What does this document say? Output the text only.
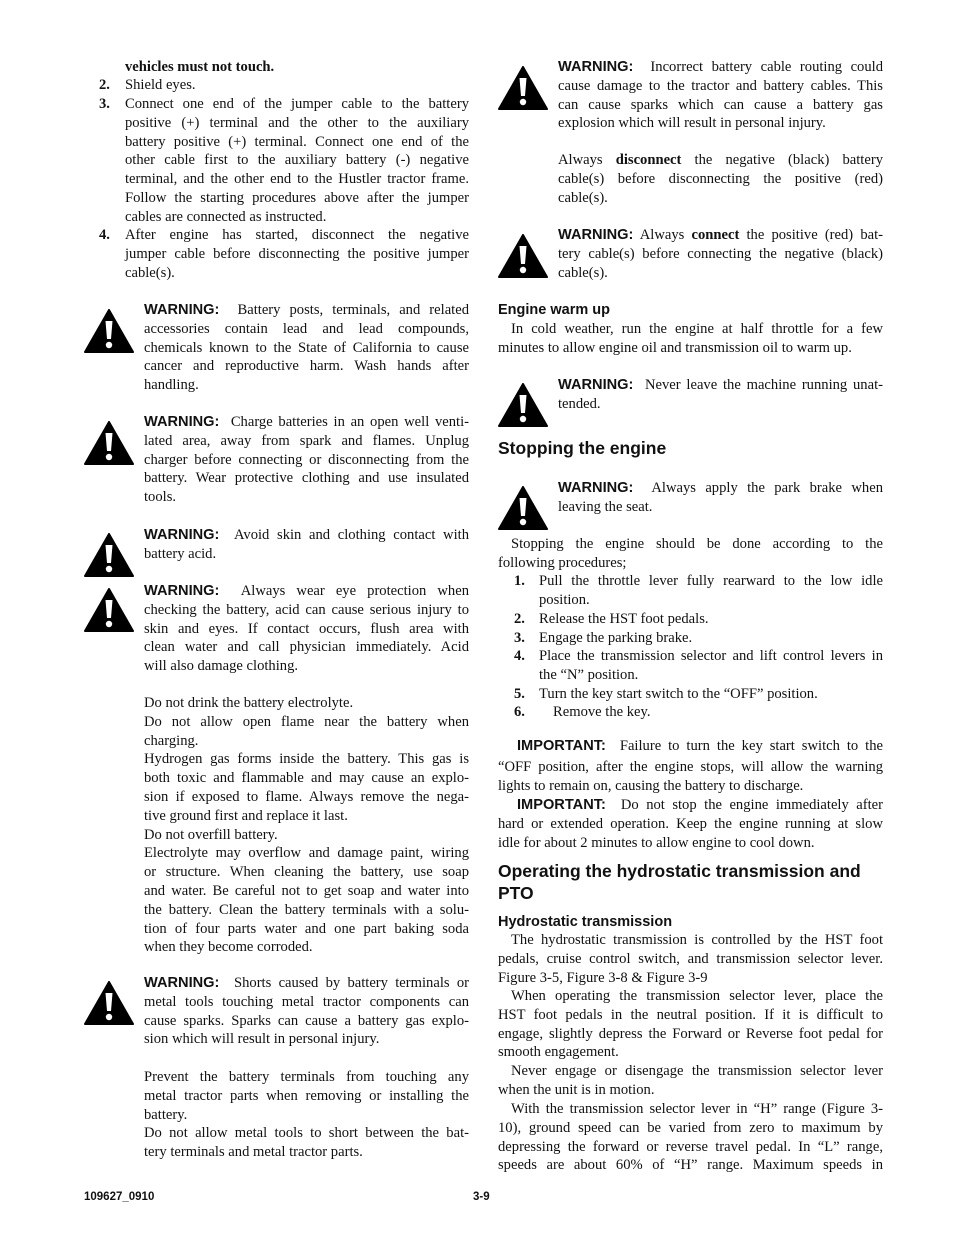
vehicles must not touch.
2. Shield eyes.
3. Connect one end of the jumper cable to the battery
positive (+) terminal and the other to the auxiliary
battery positive (+) terminal. Connect one end of the
other cable first to the auxiliary battery (-) negative
terminal, and the other end to the Hustler tractor frame.
Follow the starting procedures above after the jumper
cables are connected as instructed.
4. After engine has started, disconnect the negative
jumper cable before disconnecting the positive jumper
cable(s).
WARNING: Battery posts, terminals, and related
accessories contain lead and lead compounds,
chemicals known to the State of California to cause
cancer and reproductive harm. Wash hands after
handling.
WARNING: Charge batteries in an open well venti-
lated area, away from spark and flames. Unplug
charger before connecting or disconnecting from the
battery. Wear protective clothing and use insulated
tools.
WARNING: Avoid skin and clothing contact with
battery acid.
WARNING: Always wear eye protection when
checking the battery, acid can cause serious injury to
skin and eyes. If contact occurs, flush area with
clean water and call physician immediately. Acid
will also damage clothing.
Do not drink the battery electrolyte.
Do not allow open flame near the battery when
charging.
Hydrogen gas forms inside the battery. This gas is
both toxic and flammable and may cause an explo-
sion if exposed to flame. Always remove the nega-
tive ground first and replace it last.
Do not overfill battery.
Electrolyte may overflow and damage paint, wiring
or structure. When cleaning the battery, use soap
and water. Be careful not to get soap and water into
the battery. Clean the battery terminals with a solu-
tion of four parts water and one part baking soda
when they become corroded.
WARNING: Shorts caused by battery terminals or
metal tools touching metal tractor components can
cause sparks. Sparks can cause a battery gas explo-
sion which will result in personal injury.
Prevent the battery terminals from touching any
metal tractor parts when removing or installing the
battery.
Do not allow metal tools to short between the bat-
tery terminals and metal tractor parts.
WARNING: Incorrect battery cable routing could
cause damage to the tractor and battery cables. This
can cause sparks which can cause a battery gas
explosion which will result in personal injury.
Always disconnect the negative (black) battery
cable(s) before disconnecting the positive (red)
cable(s).
WARNING: Always connect the positive (red) bat-
tery cable(s) before connecting the negative (black)
cable(s).
Engine warm up
In cold weather, run the engine at half throttle for a few
minutes to allow engine oil and transmission oil to warm up.
WARNING: Never leave the machine running unat-
tended.
Stopping the engine
WARNING: Always apply the park brake when
leaving the seat.
Stopping the engine should be done according to the
following procedures;
1. Pull the throttle lever fully rearward to the low idle
position.
2. Release the HST foot pedals.
3. Engage the parking brake.
4. Place the transmission selector and lift control levers in
the “N” position.
5. Turn the key start switch to the “OFF” position.
6. Remove the key.
IMPORTANT: Failure to turn the key start switch to the
“OFF position, after the engine stops, will allow the warning
lights to remain on, causing the battery to discharge.
IMPORTANT: Do not stop the engine immediately after
hard or extended operation. Keep the engine running at slow
idle for about 2 minutes to allow engine to cool down.
Operating the hydrostatic transmission and
PTO
Hydrostatic transmission
The hydrostatic transmission is controlled by the HST foot
pedals, cruise control switch, and transmission selector lever.
Figure 3-5, Figure 3-8 & Figure 3-9
When operating the transmission selector lever, place the
HST foot pedals in the neutral position. If it is difficult to
engage, slightly depress the Forward or Reverse foot pedal for
smooth engagement.
Never engage or disengage the transmission selector lever
when the unit is in motion.
With the transmission selector lever in “H” range (Figure 3-
10), ground speed can be varied from zero to maximum by
depressing the forward or reverse travel pedal. In “L” range,
speeds are about 60% of “H” range. Maximum speeds in
109627_0910	3-9
